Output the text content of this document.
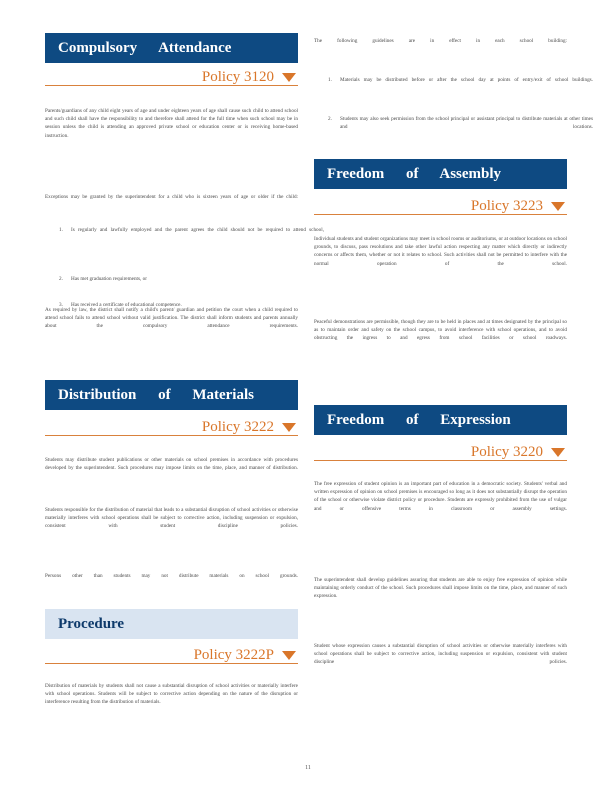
Compulsory Attendance
Policy 3120

Parents/guardians of any child eight years of age and under eighteen years of age shall cause such child to attend school and such child shall have the responsibility to and therefore shall attend for the full time when such school may be in session unless the child is attending an approved private school or education center or is receiving home-based instruction.

Exceptions may be granted by the superintendent for a child who is sixteen years of age or older if the child:

1. Is regularly and lawfully employed and the parent agrees the child should not be required to attend school,
2. Has met graduation requirements, or
3. Has received a certificate of educational competence.

As required by law, the district shall notify a child's parent/ guardian and petition the court when a child required to attend school fails to attend school without valid justification. The district shall inform students and parents annually about the compulsory attendance requirements.

Distribution of Materials
Policy 3222

Students may distribute student publications or other materials on school premises in accordance with procedures developed by the superintendent. Such procedures may impose limits on the time, place, and manner of distribution.

Students responsible for the distribution of material that leads to a substantial disruption of school activities or otherwise materially interferes with school operations shall be subject to corrective action, including suspension or expulsion, consistent with student discipline policies.

Persons other than students may not distribute materials on school grounds.

Procedure
Policy 3222P

Distribution of materials by students shall not cause a substantial disruption of school activities or materially interfere with school operations. Students will be subject to corrective action depending on the nature of the disruption or interference resulting from the distribution of materials.

The following guidelines are in effect in each school building:

1. Materials may be distributed before or after the school day at points of entry/exit of school buildings.
2. Students may also seek permission from the school principal or assistant principal to distribute materials at other times and locations.
Freedom of Assembly
Policy 3223

Individual students and student organizations may meet in school rooms or auditoriums, or at outdoor locations on school grounds, to discuss, pass resolutions and take other lawful action respecting any matter which directly or indirectly concerns or affects them, whether or not it relates to school. Such activities shall not be permitted to interfere with the normal operation of the school.

Peaceful demonstrations are permissible, though they are to be held in places and at times designated by the principal so as to maintain order and safety on the school campus, to avoid interference with school operations, and to avoid obstructing the ingress to and egress from school facilities or school roadways.

Freedom of Expression
Policy 3220

The free expression of student opinion is an important part of education in a democratic society. Students' verbal and written expression of opinion on school premises is encouraged so long as it does not substantially disrupt the operation of the school or otherwise violate district policy or procedure. Students are expressly prohibited from the use of vulgar and or offensive terms in classroom or assembly settings.

The superintendent shall develop guidelines assuring that students are able to enjoy free expression of opinion while maintaining orderly conduct of the school. Such procedures shall impose limits on the time, place, and manner of such expression.

Student whose expression causes a substantial disruption of school activities or otherwise materially interferes with school operations shall be subject to corrective action, including suspension or expulsion, consistent with student discipline policies.

11
